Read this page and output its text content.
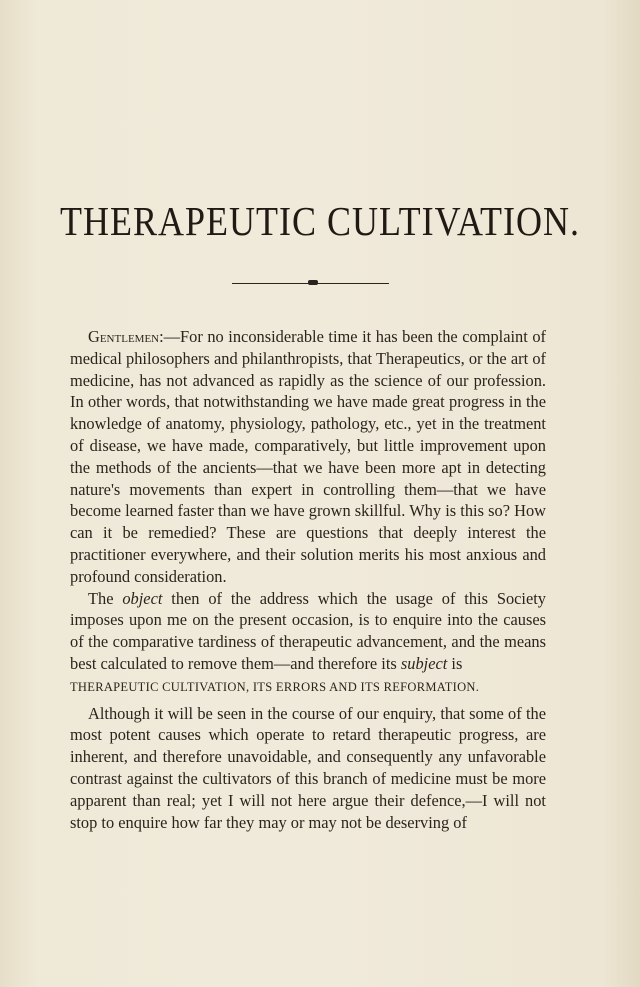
THERAPEUTIC CULTIVATION.

Gentlemen:—For no inconsiderable time it has been the complaint of medical philosophers and philanthropists, that Therapeutics, or the art of medicine, has not advanced as rapidly as the science of our profession. In other words, that notwithstanding we have made great progress in the knowledge of anatomy, physiology, pathology, etc., yet in the treatment of disease, we have made, comparatively, but little improvement upon the methods of the ancients—that we have been more apt in detecting nature's movements than expert in controlling them—that we have become learned faster than we have grown skillful. Why is this so? How can it be remedied? These are questions that deeply interest the practitioner everywhere, and their solution merits his most anxious and profound consideration.

The object then of the address which the usage of this Society imposes upon me on the present occasion, is to enquire into the causes of the comparative tardiness of therapeutic advancement, and the means best calculated to remove them—and therefore its subject is

THERAPEUTIC CULTIVATION, ITS ERRORS AND ITS REFORMATION.

Although it will be seen in the course of our enquiry, that some of the most potent causes which operate to retard therapeutic progress, are inherent, and therefore unavoidable, and consequently any unfavorable contrast against the cultivators of this branch of medicine must be more apparent than real; yet I will not here argue their defence,—I will not stop to enquire how far they may or may not be deserving of
